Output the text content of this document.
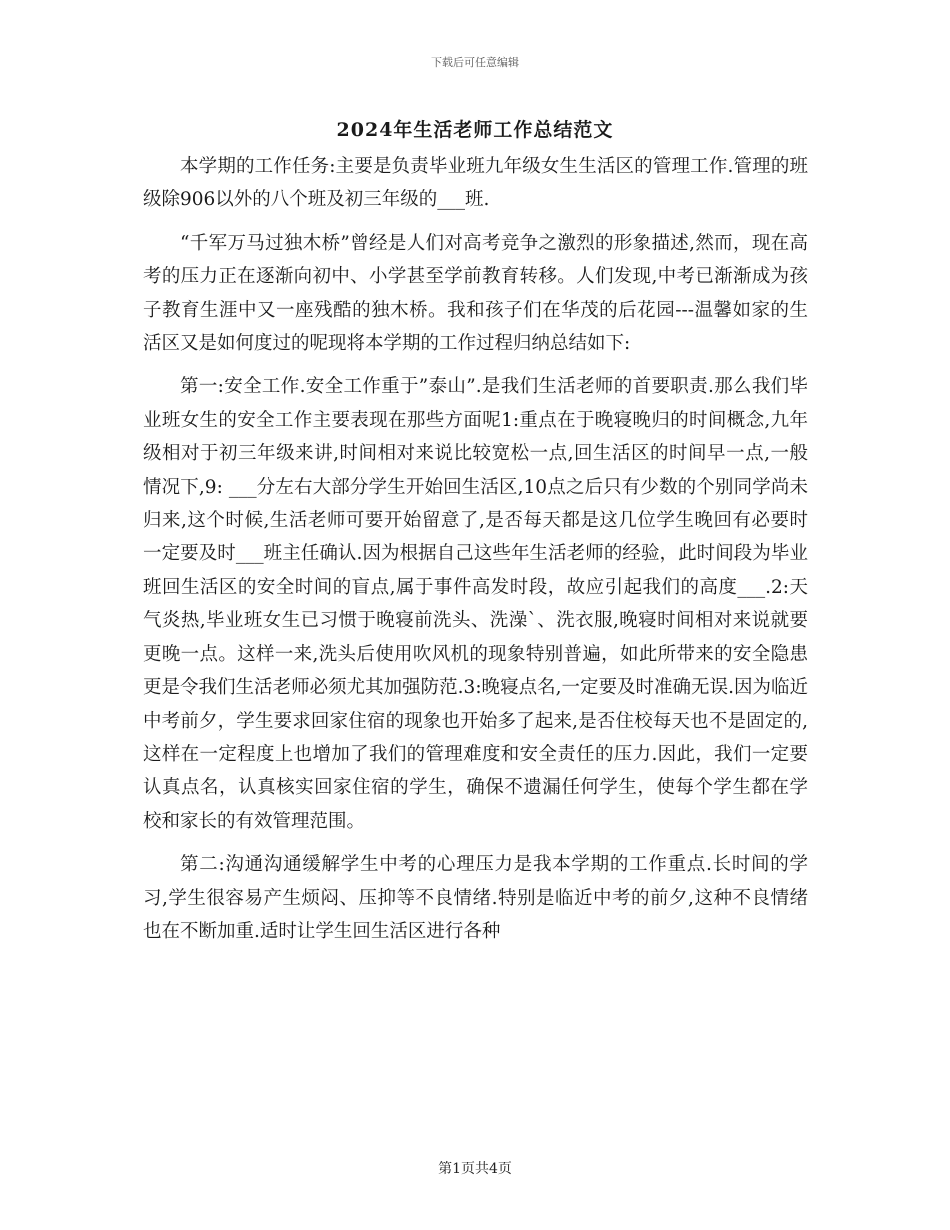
下载后可任意编辑
2024年生活老师工作总结范文

本学期的工作任务:主要是负责毕业班九年级女生生活区的管理工作.管理的班级除906以外的八个班及初三年级的___班.

“千军万马过独木桥”曾经是人们对高考竞争之激烈的形象描述,然而，现在高考的压力正在逐渐向初中、小学甚至学前教育转移。人们发现,中考已渐渐成为孩子教育生涯中又一座残酷的独木桥。我和孩子们在华茂的后花园---温馨如家的生活区又是如何度过的呢现将本学期的工作过程归纳总结如下:

第一:安全工作.安全工作重于”泰山”.是我们生活老师的首要职责.那么我们毕业班女生的安全工作主要表现在那些方面呢1:重点在于晚寝晚归的时间概念,九年级相对于初三年级来讲,时间相对来说比较宽松一点,回生活区的时间早一点,一般情况下,9: ___分左右大部分学生开始回生活区,10点之后只有少数的个别同学尚未归来,这个时候,生活老师可要开始留意了,是否每天都是这几位学生晚回有必要时一定要及时___班主任确认.因为根据自己这些年生活老师的经验，此时间段为毕业班回生活区的安全时间的盲点,属于事件高发时段，故应引起我们的高度___.2:天气炎热,毕业班女生已习惯于晚寝前洗头、洗澡`、洗衣服,晚寝时间相对来说就要更晚一点。这样一来,洗头后使用吹风机的现象特别普遍，如此所带来的安全隐患更是令我们生活老师必须尤其加强防范.3:晚寝点名,一定要及时准确无误.因为临近中考前夕，学生要求回家住宿的现象也开始多了起来,是否住校每天也不是固定的,这样在一定程度上也增加了我们的管理难度和安全责任的压力.因此，我们一定要认真点名，认真核实回家住宿的学生，确保不遗漏任何学生，使每个学生都在学校和家长的有效管理范围。

第二:沟通沟通缓解学生中考的心理压力是我本学期的工作重点.长时间的学习,学生很容易产生烦闷、压抑等不良情绪.特别是临近中考的前夕,这种不良情绪也在不断加重.适时让学生回生活区进行各种

第1页共4页
